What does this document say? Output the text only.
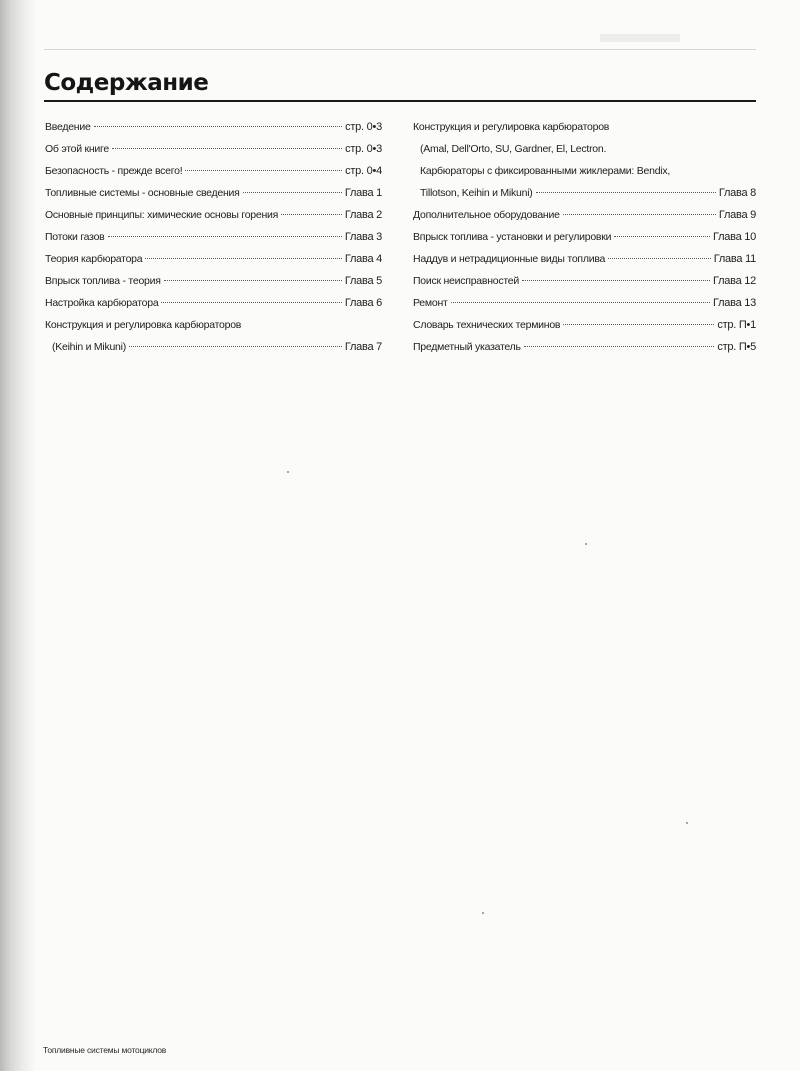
Содержание
Введение	стр. 0•3
Об этой книге	стр. 0•3
Безопасность - прежде всего!	стр. 0•4
Топливные системы - основные сведения	Глава 1
Основные принципы: химические основы горения	Глава 2
Потоки газов	Глава 3
Теория карбюратора	Глава 4
Впрыск топлива - теория	Глава 5
Настройка карбюратора	Глава 6
Конструкция и регулировка карбюраторов
(Keihin и Mikuni)	Глава 7
Конструкция и регулировка карбюраторов
(Amal, Dell'Orto, SU, Gardner, El, Lectron.
Карбюраторы с фиксированными жиклерами: Bendix,
Tillotson, Keihin и Mikuni)	Глава 8
Дополнительное оборудование	Глава 9
Впрыск топлива - установки и регулировки	Глава 10
Наддув и нетрадиционные виды топлива	Глава 11
Поиск неисправностей	Глава 12
Ремонт	Глава 13
Словарь технических терминов	стр. П•1
Предметный указатель	стр. П•5
Топливные системы мотоциклов
